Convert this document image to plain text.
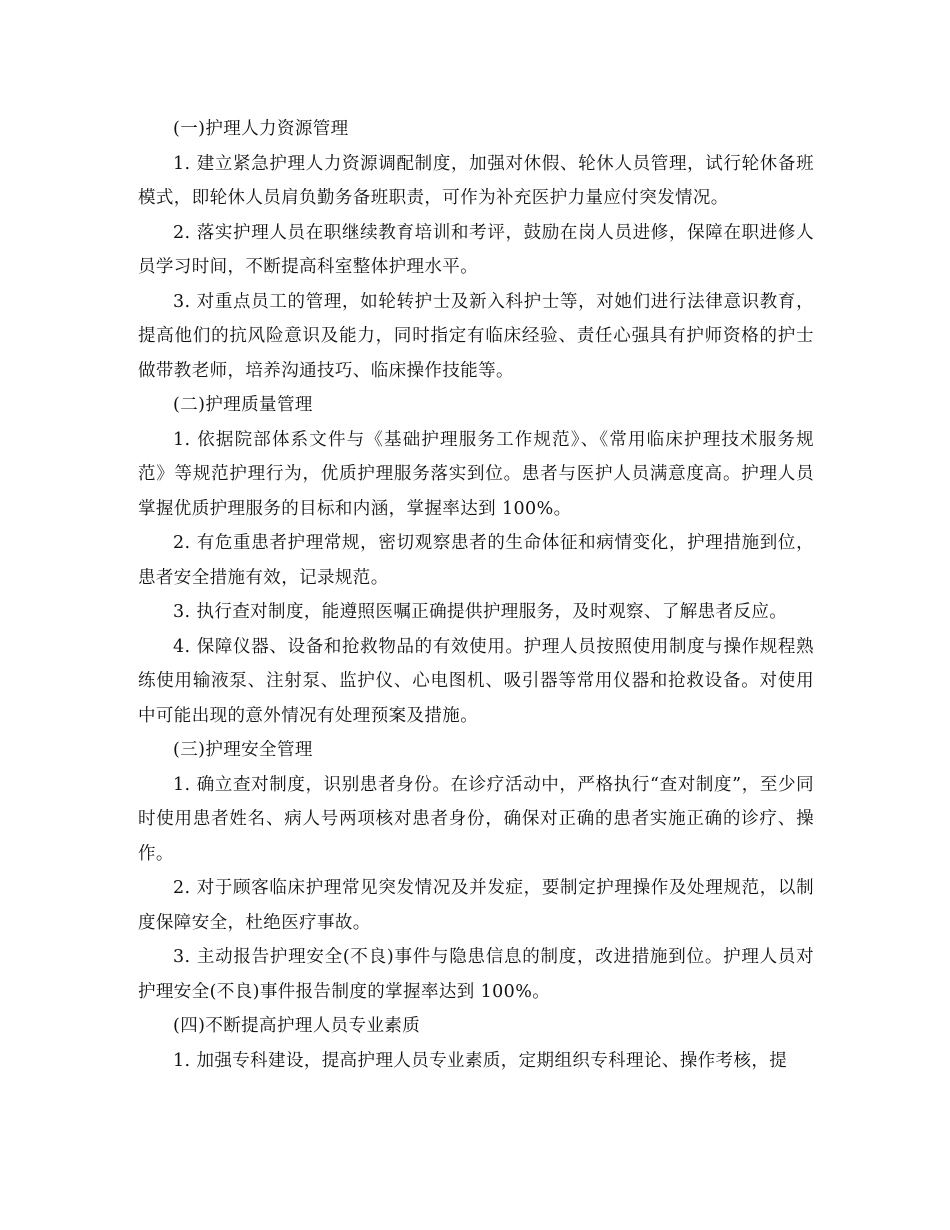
(一)护理人力资源管理

1. 建立紧急护理人力资源调配制度，加强对休假、轮休人员管理，试行轮休备班模式，即轮休人员肩负勤务备班职责，可作为补充医护力量应付突发情况。

2. 落实护理人员在职继续教育培训和考评，鼓励在岗人员进修，保障在职进修人员学习时间，不断提高科室整体护理水平。

3. 对重点员工的管理，如轮转护士及新入科护士等，对她们进行法律意识教育，提高他们的抗风险意识及能力，同时指定有临床经验、责任心强具有护师资格的护士做带教老师，培养沟通技巧、临床操作技能等。

(二)护理质量管理

1. 依据院部体系文件与《基础护理服务工作规范》、《常用临床护理技术服务规范》等规范护理行为，优质护理服务落实到位。患者与医护人员满意度高。护理人员掌握优质护理服务的目标和内涵，掌握率达到 100%。

2. 有危重患者护理常规，密切观察患者的生命体征和病情变化，护理措施到位，患者安全措施有效，记录规范。

3. 执行查对制度，能遵照医嘱正确提供护理服务，及时观察、了解患者反应。

4. 保障仪器、设备和抢救物品的有效使用。护理人员按照使用制度与操作规程熟练使用输液泵、注射泵、监护仪、心电图机、吸引器等常用仪器和抢救设备。对使用中可能出现的意外情况有处理预案及措施。

(三)护理安全管理

1. 确立查对制度，识别患者身份。在诊疗活动中，严格执行“查对制度”，至少同时使用患者姓名、病人号两项核对患者身份，确保对正确的患者实施正确的诊疗、操作。

2. 对于顾客临床护理常见突发情况及并发症，要制定护理操作及处理规范，以制度保障安全，杜绝医疗事故。

3. 主动报告护理安全(不良)事件与隐患信息的制度，改进措施到位。护理人员对护理安全(不良)事件报告制度的掌握率达到 100%。

(四)不断提高护理人员专业素质

1. 加强专科建设，提高护理人员专业素质，定期组织专科理论、操作考核，提
